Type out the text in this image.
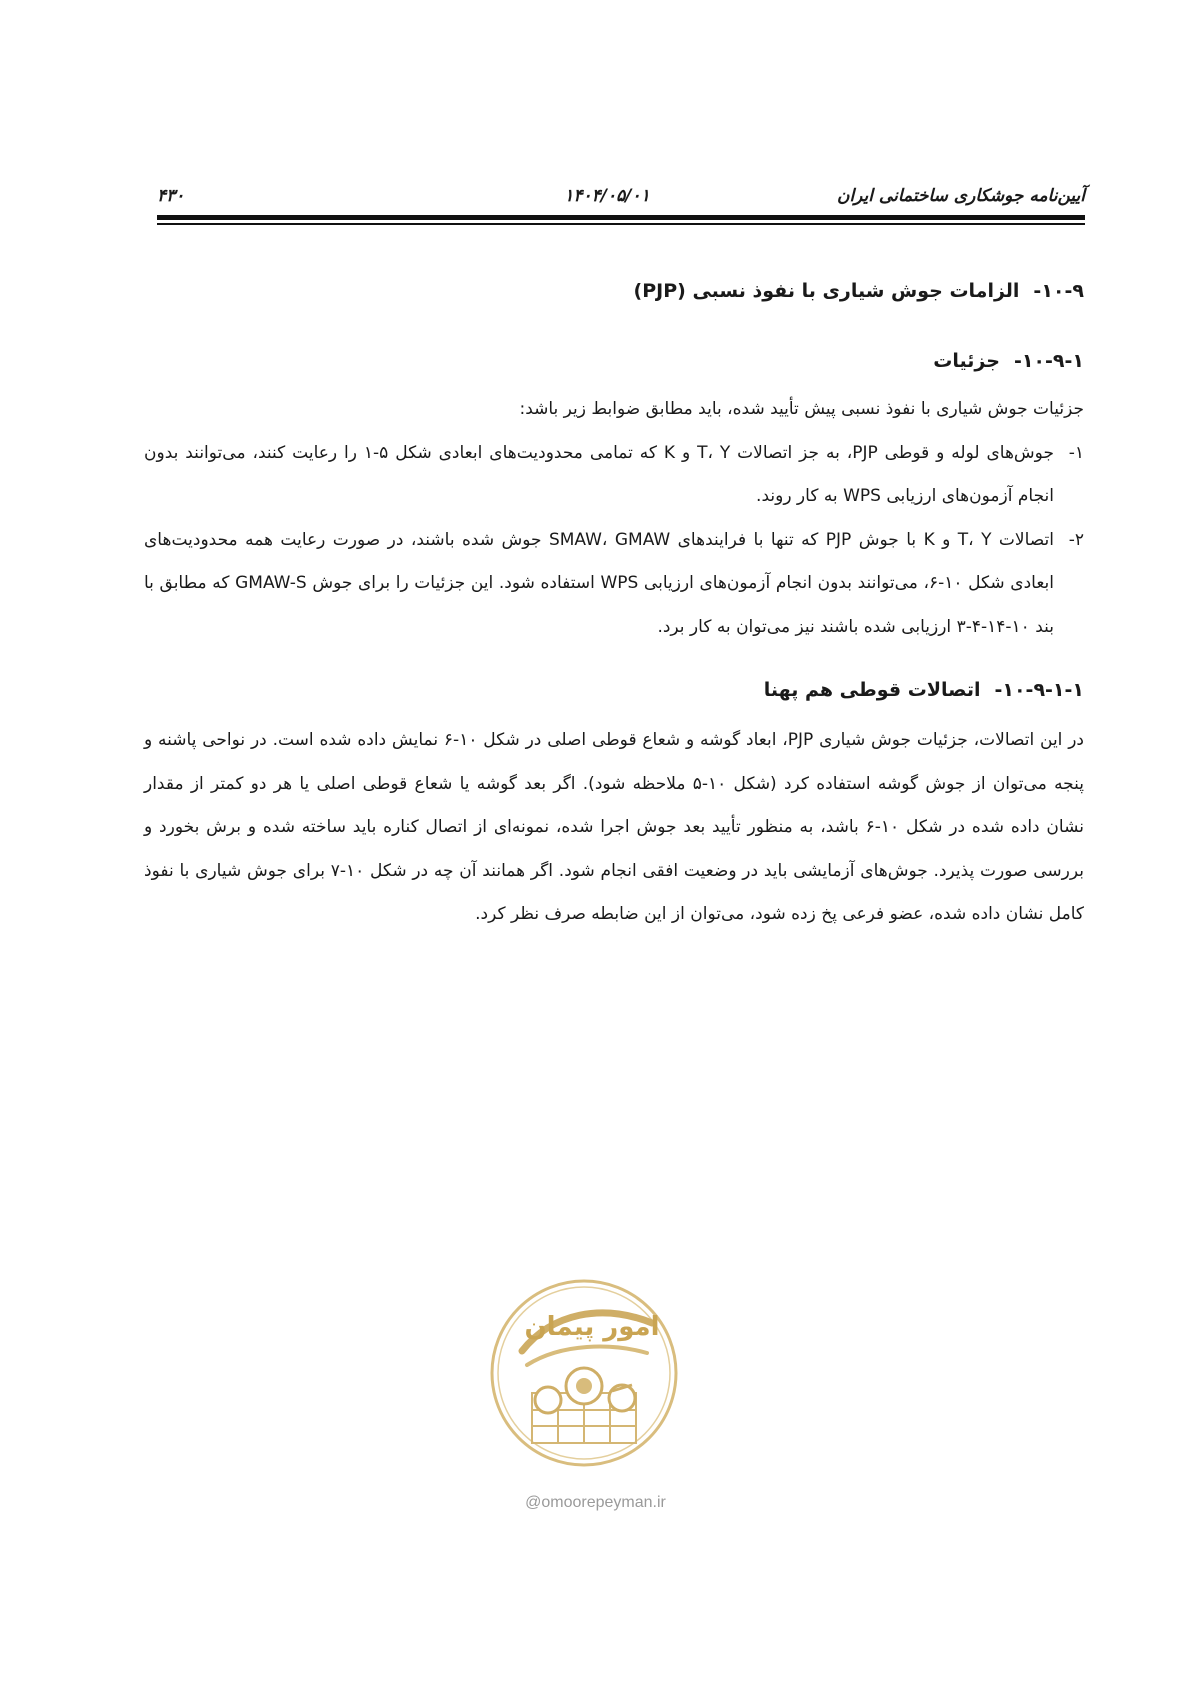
آیین‌نامه جوشکاری ساختمانی ایران
۱۴۰۴/۰۵/۰۱
۴۳۰
۱۰-۹-الزامات جوش شیاری با نفوذ نسبی (PJP)
۱۰-۹-۱-جزئیات

جزئیات جوش شیاری با نفوذ نسبی پیش تأیید شده، باید مطابق ضوابط زیر باشد:

۱-
جوش‌های لوله و قوطی PJP، به جز اتصالات T، Y و K که تمامی محدودیت‌های ابعادی شکل ۵-۱ را رعایت کنند، می‌توانند بدون انجام آزمون‌های ارزیابی WPS به کار روند.
۲-
اتصالات T، Y و K با جوش PJP که تنها با فرایندهای SMAW، GMAW جوش شده باشند، در صورت رعایت همه محدودیت‌های ابعادی شکل ۱۰-۶، می‌توانند بدون انجام آزمون‌های ارزیابی WPS استفاده شود. این جزئیات را برای جوش GMAW-S که مطابق با بند ۱۰-۱۴-۴-۳ ارزیابی شده باشند نیز می‌توان به کار برد.
۱۰-۹-۱-۱-اتصالات قوطی هم پهنا

در این اتصالات، جزئیات جوش شیاری PJP، ابعاد گوشه و شعاع قوطی اصلی در شکل ۱۰-۶ نمایش داده شده است. در نواحی پاشنه و پنجه می‌توان از جوش گوشه استفاده کرد (شکل ۱۰-۵ ملاحظه شود). اگر بعد گوشه یا شعاع قوطی اصلی یا هر دو کمتر از مقدار نشان داده شده در شکل ۱۰-۶ باشد، به منظور تأیید بعد جوش اجرا شده، نمونه‌ای از اتصال کناره باید ساخته شده و برش بخورد و بررسی صورت پذیرد. جوش‌های آزمایشی باید در وضعیت افقی انجام شود. اگر همانند آن چه در شکل ۱۰-۷ برای جوش شیاری با نفوذ کامل نشان داده شده، عضو فرعی پخ زده شود، می‌توان از این ضابطه صرف نظر کرد.

امور پیمان
@omoorepeyman.ir
